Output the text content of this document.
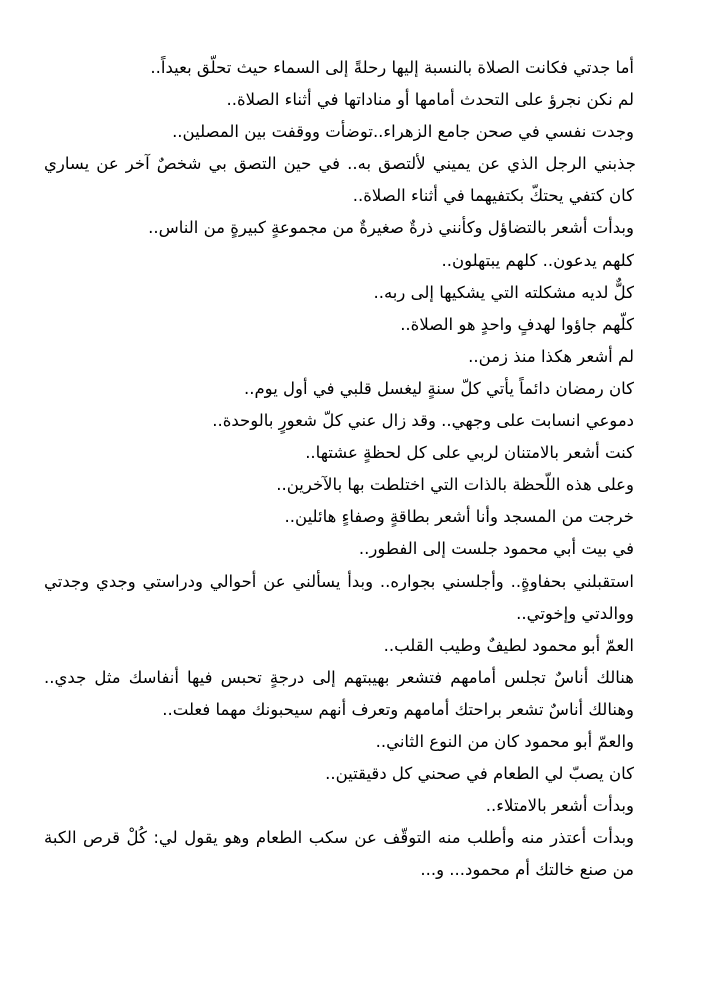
أما جدتي فكانت الصلاة بالنسبة إليها رحلةً إلى السماء حيث تحلّق بعيداً..

لم نكن نجرؤ على التحدث أمامها أو مناداتها في أثناء الصلاة..

وجدت نفسي في صحن جامع الزهراء..توضأت ووقفت بين المصلين..

جذبني الرجل الذي عن يميني لألتصق به.. في حين التصق بي شخصٌ آخر عن يساري كان كتفي يحتكّ بكتفيهما في أثناء الصلاة..

وبدأت أشعر بالتضاؤل وكأنني ذرةٌ صغيرةٌ من مجموعةٍ كبيرةٍ من الناس..

كلهم يدعون.. كلهم يبتهلون..

كلٌّ لديه مشكلته التي يشكيها إلى ربه..

كلّهم جاؤوا لهدفٍ واحدٍ هو الصلاة..

لم أشعر هكذا منذ زمن..

كان رمضان دائماً يأتي كلّ سنةٍ ليغسل قلبي في أول يوم..

دموعي انسابت على وجهي.. وقد زال عني كلّ شعورٍ بالوحدة..

كنت أشعر بالامتنان لربي على كل لحظةٍ عشتها..

وعلى هذه اللّحظة بالذات التي اختلطت بها بالآخرين..

خرجت من المسجد وأنا أشعر بطاقةٍ وصفاءٍ هائلين..

في بيت أبي محمود جلست إلى الفطور..

استقبلني بحفاوةٍ.. وأجلسني بجواره.. وبدأ يسألني عن أحوالي ودراستي وجدي وجدتي ووالدتي وإخوتي..

العمّ أبو محمود لطيفٌ وطيب القلب..

هنالك أناسٌ تجلس أمامهم فتشعر بهيبتهم إلى درجةٍ تحبس فيها أنفاسك مثل جدي.. وهنالك أناسٌ تشعر براحتك أمامهم وتعرف أنهم سيحبونك مهما فعلت..

والعمّ أبو محمود كان من النوع الثاني..

كان يصبّ لي الطعام في صحني كل دقيقتين..

وبدأت أشعر بالامتلاء..

وبدأت أعتذر منه وأطلب منه التوقّف عن سكب الطعام وهو يقول لي: كُلْ قرص الكبة من صنع خالتك أم محمود... و...
